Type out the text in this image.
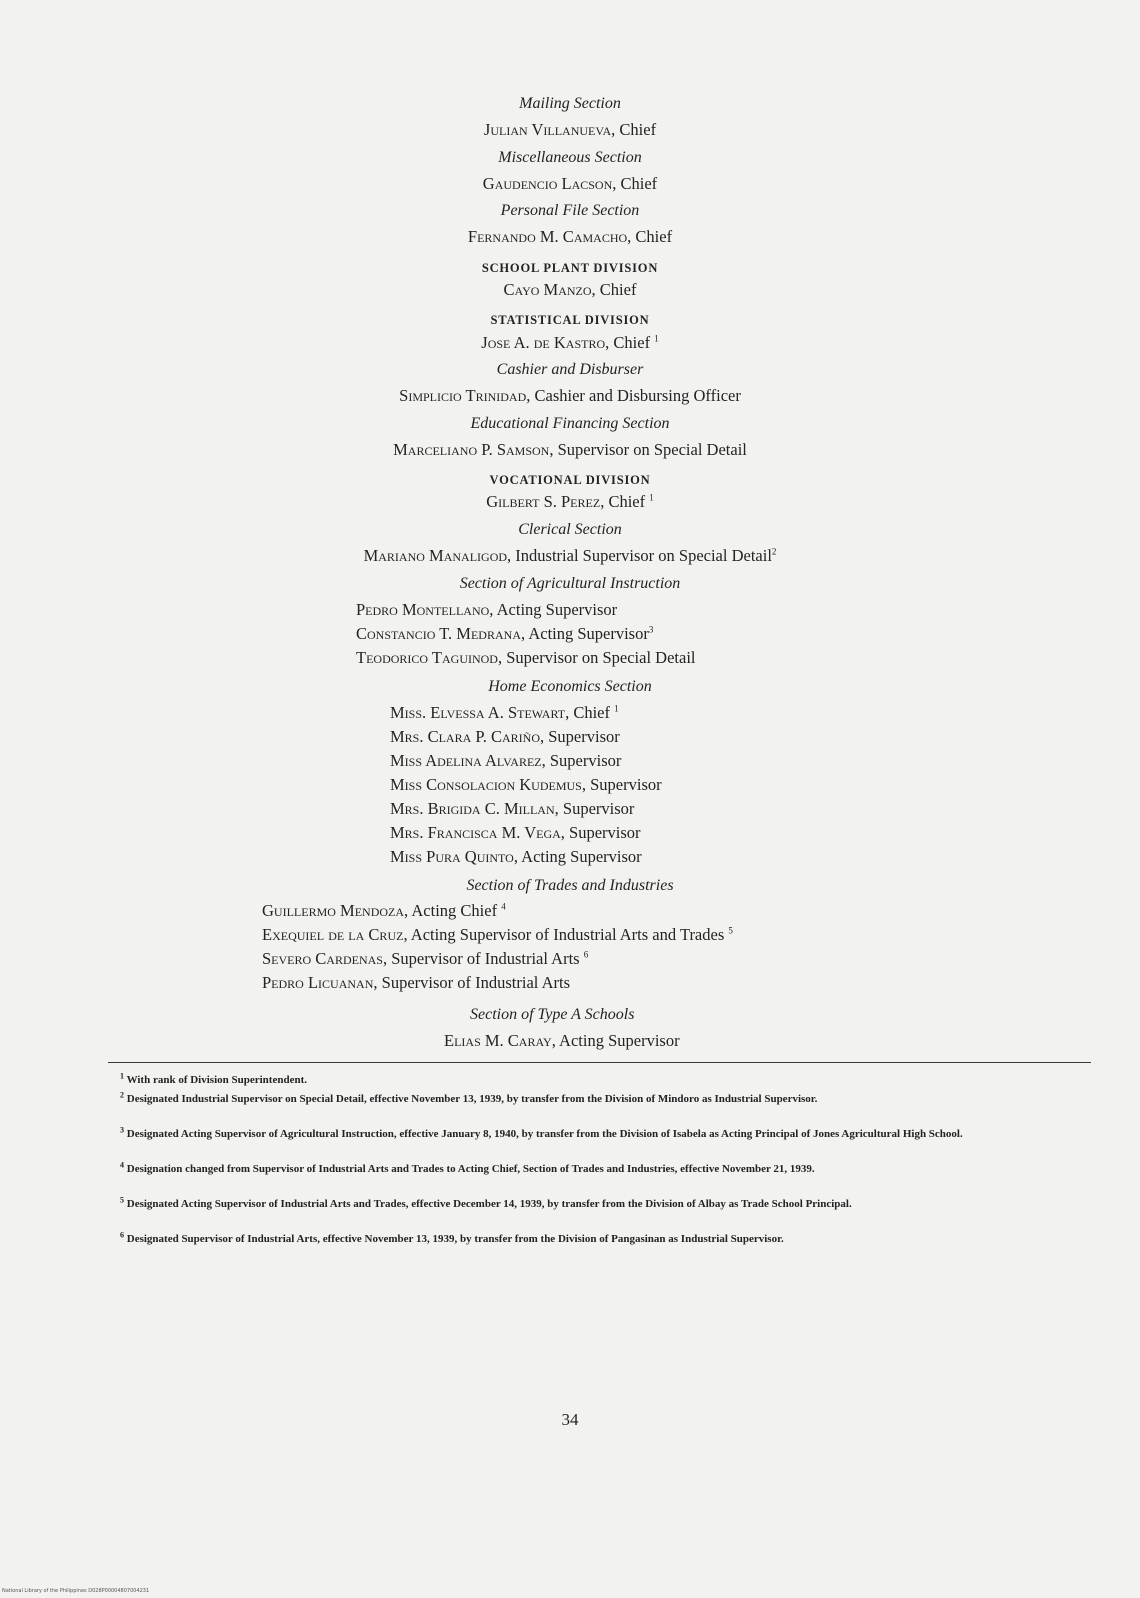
Mailing Section
Julian Villanueva, Chief
Miscellaneous Section
Gaudencio Lacson, Chief
Personal File Section
Fernando M. Camacho, Chief
SCHOOL PLANT DIVISION
Cayo Manzo, Chief
STATISTICAL DIVISION
Jose A. de Kastro, Chief $^1$
Cashier and Disburser
Simplicio Trinidad, Cashier and Disbursing Officer
Educational Financing Section
Marceliano P. Samson, Supervisor on Special Detail
VOCATIONAL DIVISION
Gilbert S. Perez, Chief $^1$
Clerical Section
Mariano Manaligod, Industrial Supervisor on Special Detail$^2$
Section of Agricultural Instruction
Pedro Montellano, Acting Supervisor
Constancio T. Medrana, Acting Supervisor$^3$
Teodorico Taguinod, Supervisor on Special Detail
Home Economics Section
Miss. Elvessa A. Stewart, Chief $^1$
Mrs. Clara P. Cariño, Supervisor
Miss Adelina Alvarez, Supervisor
Miss Consolacion Kudemus, Supervisor
Mrs. Brigida C. Millan, Supervisor
Mrs. Francisca M. Vega, Supervisor
Miss Pura Quinto, Acting Supervisor
Section of Trades and Industries
Guillermo Mendoza, Acting Chief $^4$
Exequiel de la Cruz, Acting Supervisor of Industrial Arts and Trades $^5$
Severo Cardenas, Supervisor of Industrial Arts $^6$
Pedro Licuanan, Supervisor of Industrial Arts
Section of Type A Schools
Elias M. Caray, Acting Supervisor
$^1$ With rank of Division Superintendent.
$^2$ Designated Industrial Supervisor on Special Detail, effective November 13, 1939, by transfer from the Division of Mindoro as Industrial Supervisor.
$^3$ Designated Acting Supervisor of Agricultural Instruction, effective January 8, 1940, by transfer from the Division of Isabela as Acting Principal of Jones Agricultural High School.
$^4$ Designation changed from Supervisor of Industrial Arts and Trades to Acting Chief, Section of Trades and Industries, effective November 21, 1939.
$^5$ Designated Acting Supervisor of Industrial Arts and Trades, effective December 14, 1939, by transfer from the Division of Albay as Trade School Principal.
$^6$ Designated Supervisor of Industrial Arts, effective November 13, 1939, by transfer from the Division of Pangasinan as Industrial Supervisor.
34
National Library of the Philippines D028P00004807004231
